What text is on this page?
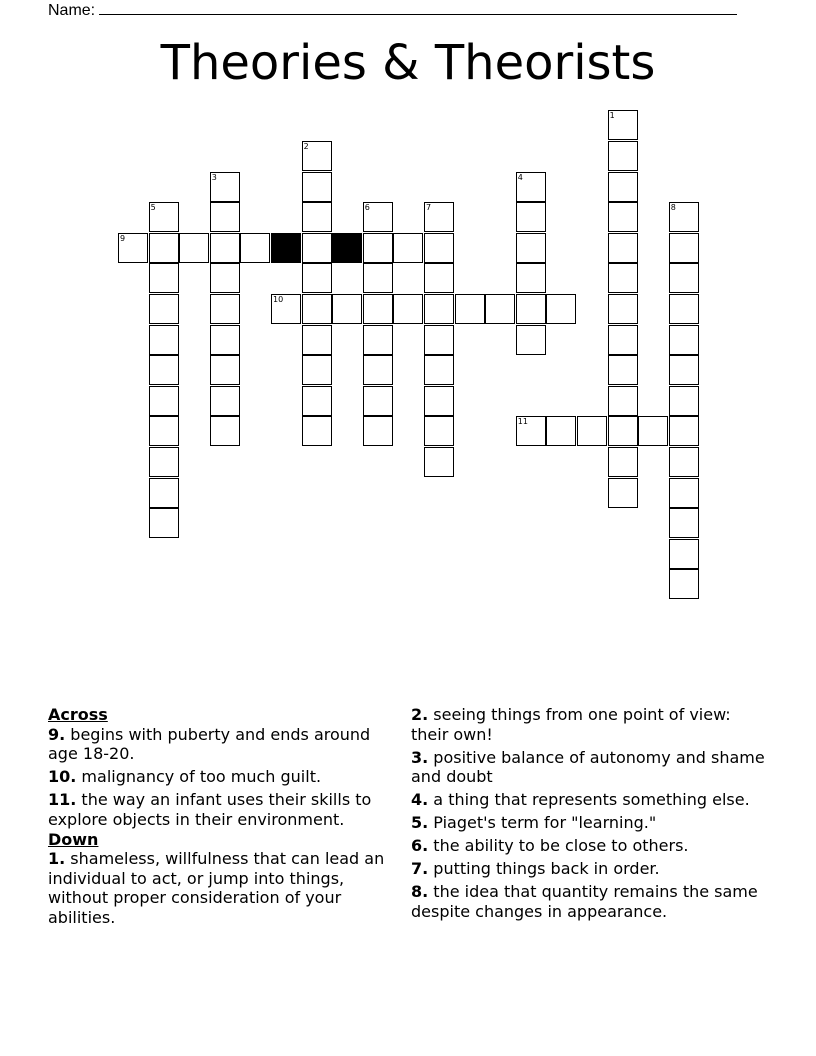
Name:
Theories & Theorists
9
10
11
1
2
3	4
5	6	7	8
Across
9. begins with puberty and ends around age 18-20.
10. malignancy of too much guilt.
11. the way an infant uses their skills to explore objects in their environment.
Down
1. shameless, willfulness that can lead an individual to act, or jump into things, without proper consideration of your abilities.
2. seeing things from one point of view: their own!
3. positive balance of autonomy and shame and doubt
4. a thing that represents something else.
5. Piaget's term for "learning."
6. the ability to be close to others.
7. putting things back in order.
8. the idea that quantity remains the same despite changes in appearance.
